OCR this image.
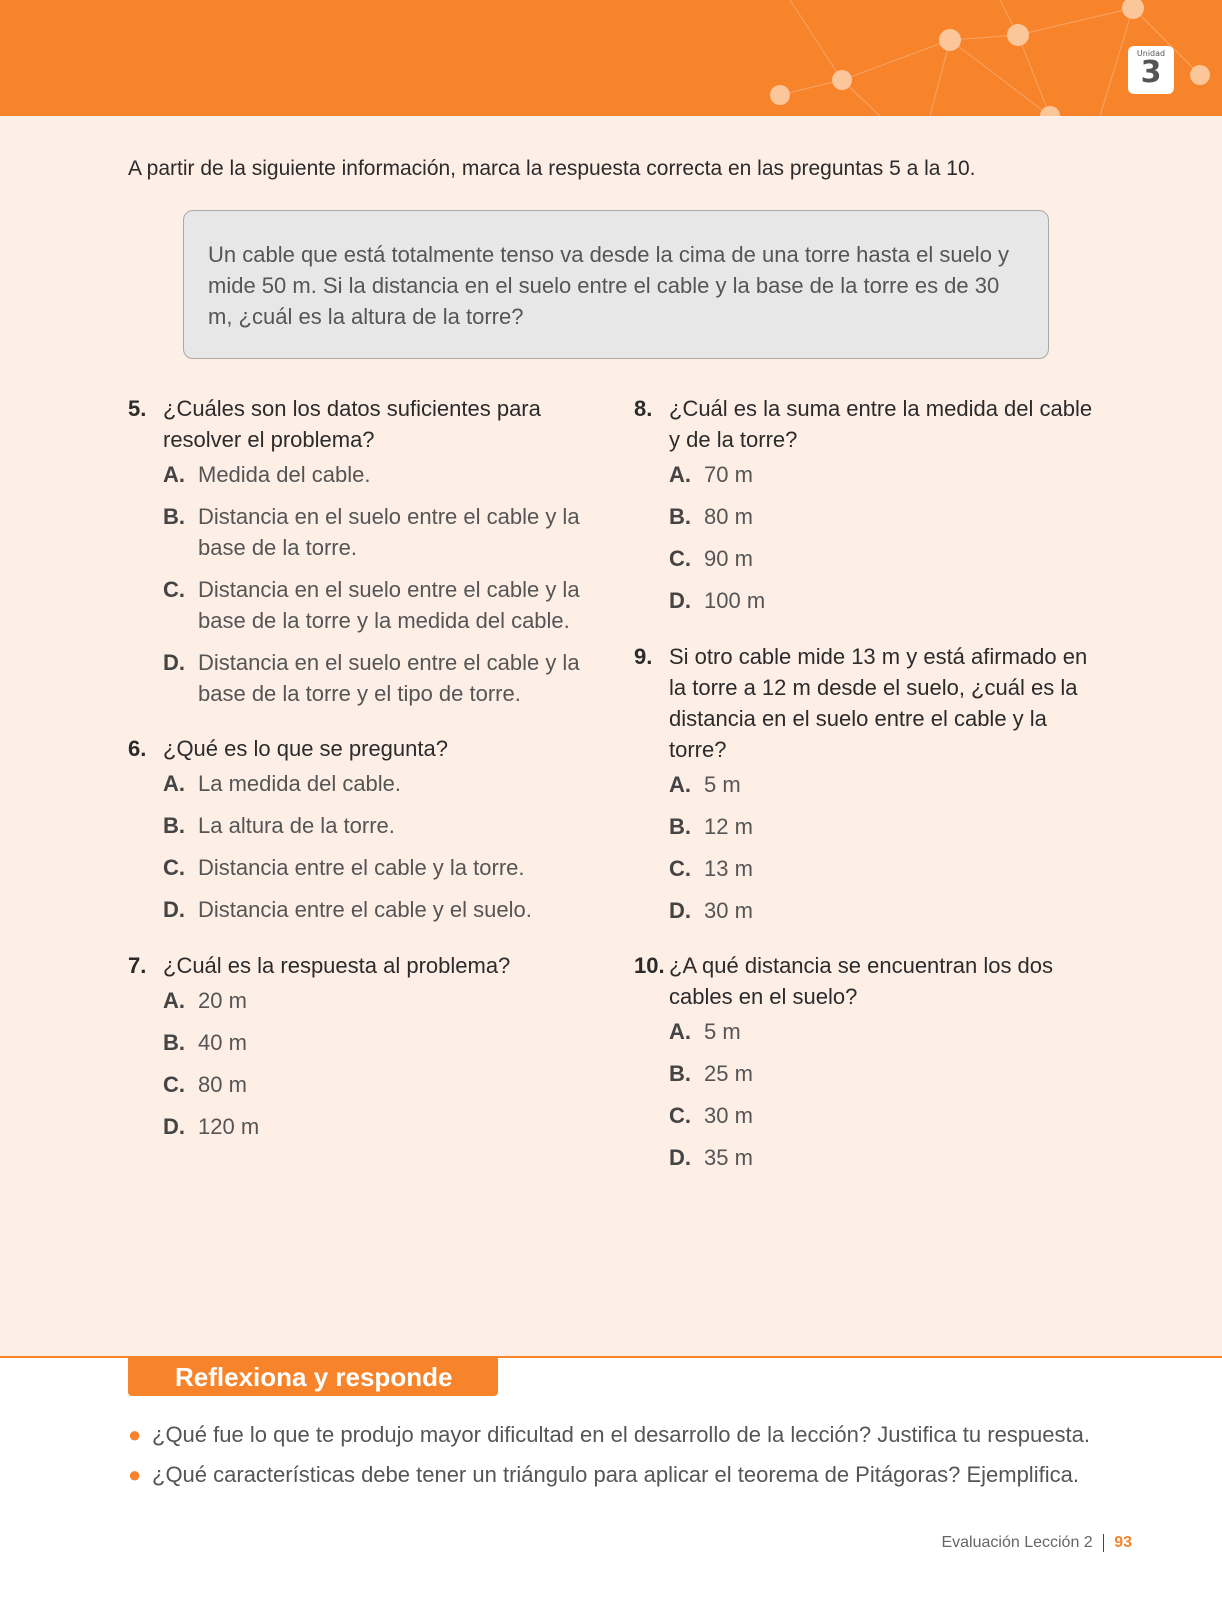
Unidad
3
A partir de la siguiente información, marca la respuesta correcta en las preguntas 5 a la 10.
Un cable que está totalmente tenso va desde la cima de una torre hasta el suelo y mide 50 m. Si la distancia en el suelo entre el cable y la base de la torre es de 30 m, ¿cuál es la altura de la torre?
5. ¿Cuáles son los datos suficientes para resolver el problema?
A. Medida del cable.
B. Distancia en el suelo entre el cable y la base de la torre.
C. Distancia en el suelo entre el cable y la base de la torre y la medida del cable.
D. Distancia en el suelo entre el cable y la base de la torre y el tipo de torre.
6. ¿Qué es lo que se pregunta?
A. La medida del cable.
B. La altura de la torre.
C. Distancia entre el cable y la torre.
D. Distancia entre el cable y el suelo.
7. ¿Cuál es la respuesta al problema?
A. 20 m
B. 40 m
C. 80 m
D. 120 m
8. ¿Cuál es la suma entre la medida del cable y de la torre?
A. 70 m
B. 80 m
C. 90 m
D. 100 m
9. Si otro cable mide 13 m y está afirmado en la torre a 12 m desde el suelo, ¿cuál es la distancia en el suelo entre el cable y la torre?
A. 5 m
B. 12 m
C. 13 m
D. 30 m
10. ¿A qué distancia se encuentran los dos cables en el suelo?
A. 5 m
B. 25 m
C. 30 m
D. 35 m
Reflexiona y responde
● ¿Qué fue lo que te produjo mayor dificultad en el desarrollo de la lección? Justifica tu respuesta.
● ¿Qué características debe tener un triángulo para aplicar el teorema de Pitágoras? Ejemplifica.
Evaluación Lección 2 93
